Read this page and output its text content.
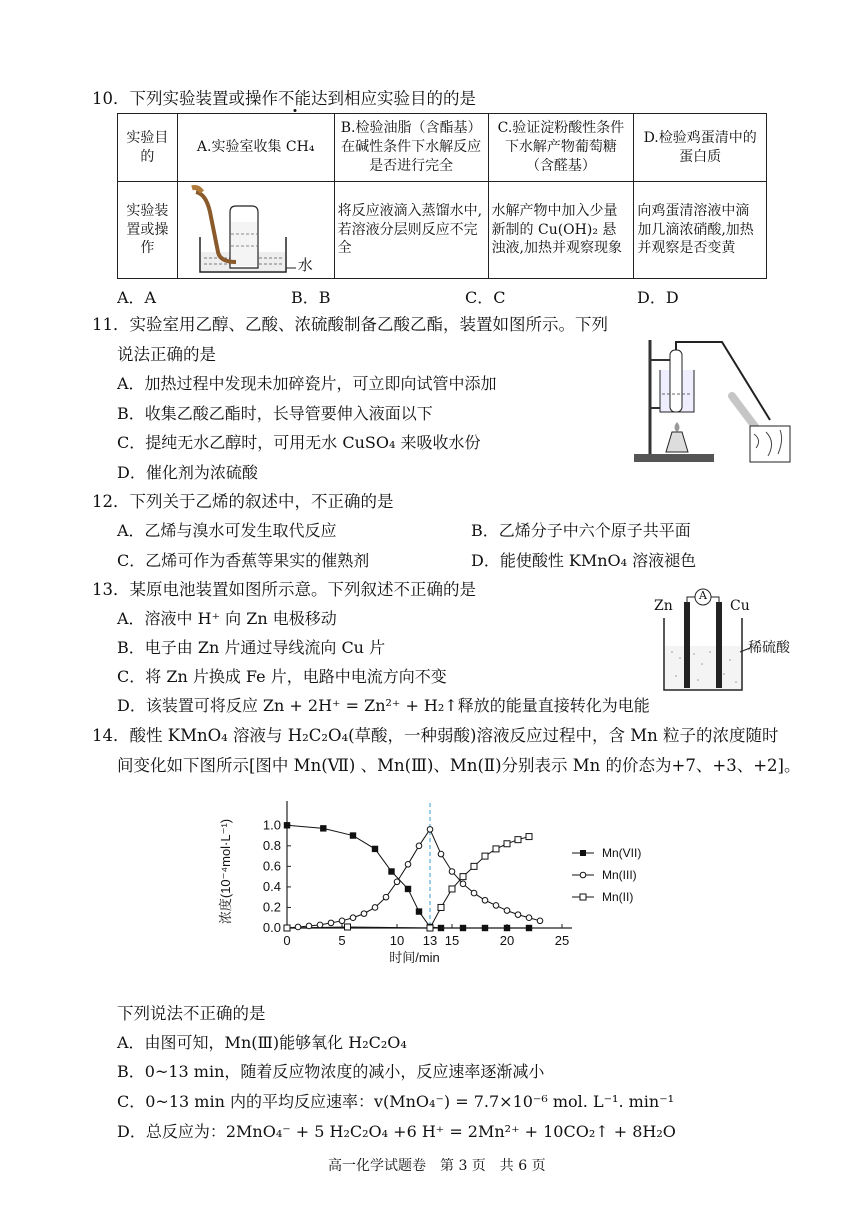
10．下列实验装置或操作不能达到相应实验目的的是
实验目的	A.实验室收集 CH₄	B.检验油脂（含酯基）在碱性条件下水解反应是否进行完全	C.验证淀粉酸性条件下水解产物葡萄糖（含醛基）	D.检验鸡蛋清中的蛋白质
实验装置或操作	水	将反应液滴入蒸馏水中,若溶液分层则反应不完全	水解产物中加入少量新制的 Cu(OH)₂ 悬浊液,加热并观察现象	向鸡蛋清溶液中滴加几滴浓硝酸,加热并观察是否变黄
A．A	B．B	C．C	D．D
11．实验室用乙醇、乙酸、浓硫酸制备乙酸乙酯，装置如图所示。下列
说法正确的是
A．加热过程中发现未加碎瓷片，可立即向试管中添加
B．收集乙酸乙酯时，长导管要伸入液面以下
C．提纯无水乙醇时，可用无水 CuSO₄ 来吸收水份
D．催化剂为浓硫酸
12．下列关于乙烯的叙述中，不正确的是
A．乙烯与溴水可发生取代反应	B．乙烯分子中六个原子共平面
C．乙烯可作为香蕉等果实的催熟剂	D．能使酸性 KMnO₄ 溶液褪色
13．某原电池装置如图所示意。下列叙述不正确的是
A．溶液中 H⁺ 向 Zn 电极移动
B．电子由 Zn 片通过导线流向 Cu 片
C．将 Zn 片换成 Fe 片，电路中电流方向不变
D．该装置可将反应 Zn + 2H⁺ = Zn²⁺ + H₂↑释放的能量直接转化为电能
Zn
A
Cu
稀硫酸
14．酸性 KMnO₄ 溶液与 H₂C₂O₄(草酸，一种弱酸)溶液反应过程中，含 Mn 粒子的浓度随时
间变化如下图所示[图中 Mn(Ⅶ) 、Mn(Ⅲ)、Mn(Ⅱ)分别表示 Mn 的价态为+7、+3、+2]。
0	5	10 13 15	20	25
0.0
0.2
0.4
0.6
0.8
1.0
时间/min
浓度(10⁻⁴mol·L⁻¹)	Mn(VII)
Mn(III)
Mn(II)
下列说法不正确的是
A．由图可知，Mn(Ⅲ)能够氧化 H₂C₂O₄
B．0~13 min，随着反应物浓度的减小，反应速率逐渐减小
C．0~13 min 内的平均反应速率：v(MnO₄⁻) = 7.7×10⁻⁶ mol. L⁻¹. min⁻¹
D．总反应为：2MnO₄⁻ + 5 H₂C₂O₄ +6 H⁺ = 2Mn²⁺ + 10CO₂↑ + 8H₂O
高一化学试题卷　第 3 页　共 6 页
